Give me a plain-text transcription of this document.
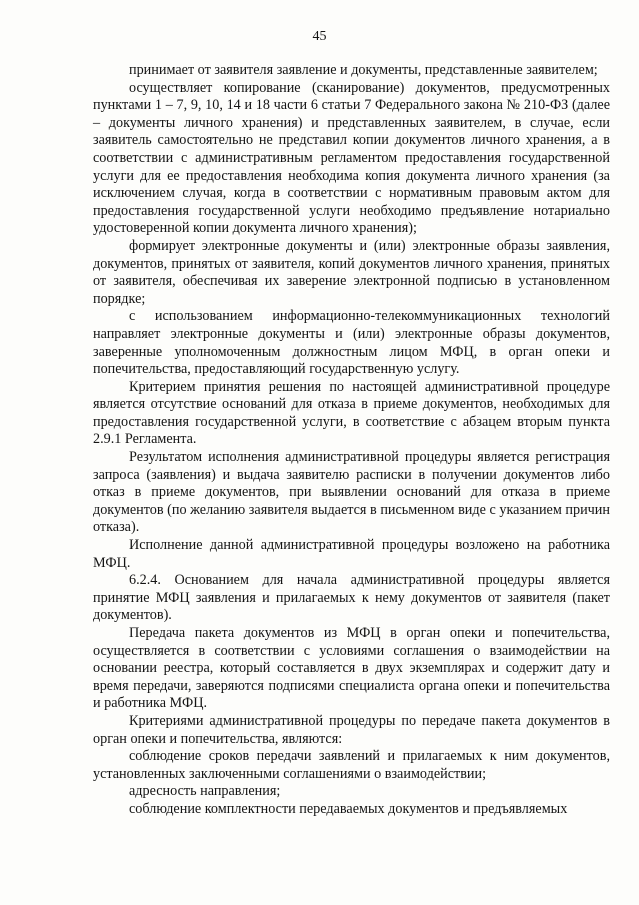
45

принимает от заявителя заявление и документы, представленные заявителем;

осуществляет копирование (сканирование) документов, предусмотренных пунктами 1 – 7, 9, 10, 14 и 18 части 6 статьи 7 Федерального закона № 210-ФЗ (далее – документы личного хранения) и представленных заявителем, в случае, если заявитель самостоятельно не представил копии документов личного хранения, а в соответствии с административным регламентом предоставления государственной услуги для ее предоставления необходима копия документа личного хранения (за исключением случая, когда в соответствии с нормативным правовым актом для предоставления государственной услуги необходимо предъявление нотариально удостоверенной копии документа личного хранения);

формирует электронные документы и (или) электронные образы заявления, документов, принятых от заявителя, копий документов личного хранения, принятых от заявителя, обеспечивая их заверение электронной подписью в установленном порядке;

с использованием информационно-телекоммуникационных технологий направляет электронные документы и (или) электронные образы документов, заверенные уполномоченным должностным лицом МФЦ, в орган опеки и попечительства, предоставляющий государственную услугу.

Критерием принятия решения по настоящей административной процедуре является отсутствие оснований для отказа в приеме документов, необходимых для предоставления государственной услуги, в соответствие с абзацем вторым пункта 2.9.1 Регламента.

Результатом исполнения административной процедуры является регистрация запроса (заявления) и выдача заявителю расписки в получении документов либо отказ в приеме документов, при выявлении оснований для отказа в приеме документов (по желанию заявителя выдается в письменном виде с указанием причин отказа).

Исполнение данной административной процедуры возложено на работника МФЦ.

6.2.4. Основанием для начала административной процедуры является принятие МФЦ заявления и прилагаемых к нему документов от заявителя (пакет документов).

Передача пакета документов из МФЦ в орган опеки и попечительства, осуществляется в соответствии с условиями соглашения о взаимодействии на основании реестра, который составляется в двух экземплярах и содержит дату и время передачи, заверяются подписями специалиста органа опеки и попечительства и работника МФЦ.

Критериями административной процедуры по передаче пакета документов в орган опеки и попечительства, являются:

соблюдение сроков передачи заявлений и прилагаемых к ним документов, установленных заключенными соглашениями о взаимодействии;

адресность направления;

соблюдение комплектности передаваемых документов и предъявляемых
